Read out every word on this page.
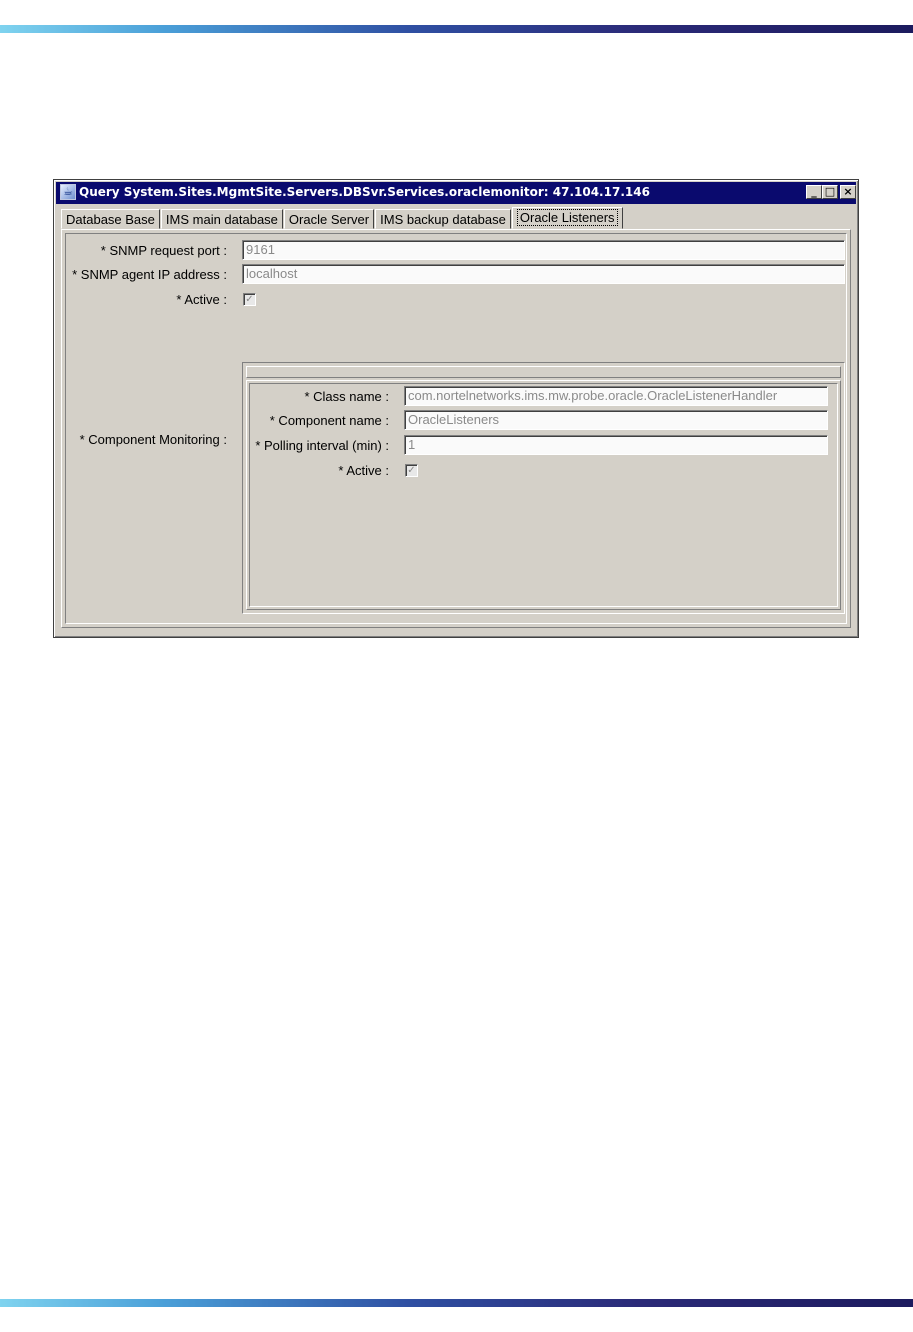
☕ Query System.Sites.MgmtSite.Servers.DBSvr.Services.oraclemonitor: 47.104.17.146	_ □ ×
Database Base IMS main database Oracle Server IMS backup database	Oracle Listeners
* SNMP request port :	9161
* SNMP agent IP address :	localhost
* Active : ✓
* Component Monitoring :
* Class name :	com.nortelnetworks.ims.mw.probe.oracle.OracleListenerHandler
* Component name :	OracleListeners
* Polling interval (min) :	1
* Active : ✓
